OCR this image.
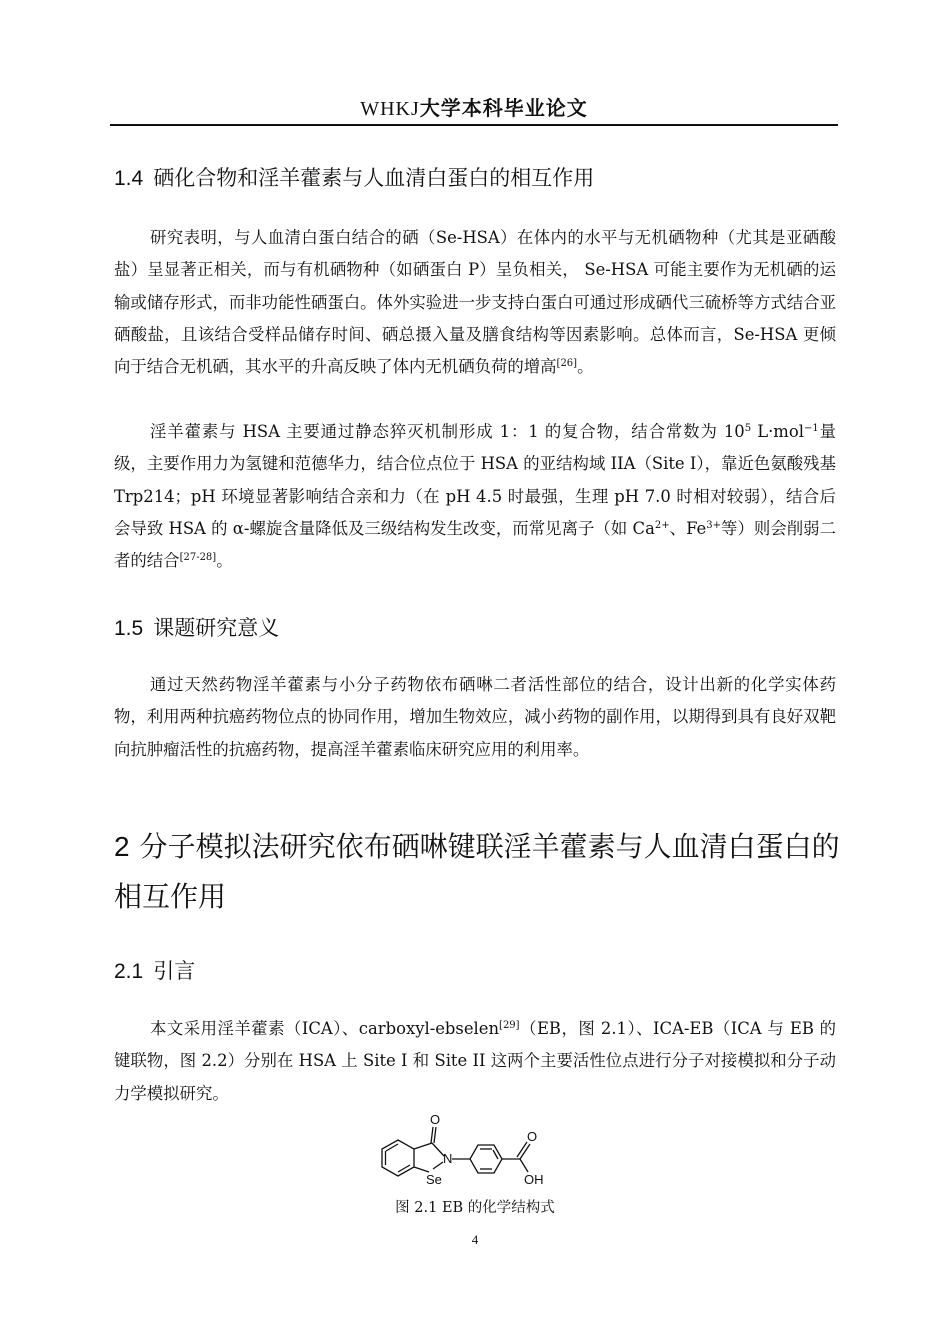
WHKJ大学本科毕业论文
1.4 硒化合物和淫羊藿素与人血清白蛋白的相互作用
研究表明，与人血清白蛋白结合的硒（Se-HSA）在体内的水平与无机硒物种（尤其是亚硒酸盐）呈显著正相关，而与有机硒物种（如硒蛋白 P）呈负相关， Se-HSA 可能主要作为无机硒的运输或储存形式，而非功能性硒蛋白。体外实验进一步支持白蛋白可通过形成硒代三硫桥等方式结合亚硒酸盐，且该结合受样品储存时间、硒总摄入量及膳食结构等因素影响。总体而言，Se-HSA 更倾向于结合无机硒，其水平的升高反映了体内无机硒负荷的增高[26]。
淫羊藿素与 HSA 主要通过静态猝灭机制形成 1：1 的复合物，结合常数为 $10^5$ L·mol$^{-1}$量级，主要作用力为氢键和范德华力，结合位点位于 HSA 的亚结构域 IIA（Site I），靠近色氨酸残基 Trp214；pH 环境显著影响结合亲和力（在 pH 4.5 时最强，生理 pH 7.0 时相对较弱），结合后会导致 HSA 的 α-螺旋含量降低及三级结构发生改变，而常见离子（如 $Ca^{2+}$、$Fe^{3+}$等）则会削弱二者的结合[27-28]。
1.5 课题研究意义
通过天然药物淫羊藿素与小分子药物依布硒啉二者活性部位的结合，设计出新的化学实体药物，利用两种抗癌药物位点的协同作用，增加生物效应，减小药物的副作用，以期得到具有良好双靶向抗肿瘤活性的抗癌药物，提高淫羊藿素临床研究应用的利用率。
2 分子模拟法研究依布硒啉键联淫羊藿素与人血清白蛋白的相互作用
2.1 引言
本文采用淫羊藿素（ICA）、carboxyl-ebselen[29]（EB，图 2.1）、ICA-EB（ICA 与 EB 的键联物，图 2.2）分别在 HSA 上 Site I 和 Site II 这两个主要活性位点进行分子对接模拟和分子动力学模拟研究。
O
N
Se
O
OH
图 2.1 EB 的化学结构式
4
